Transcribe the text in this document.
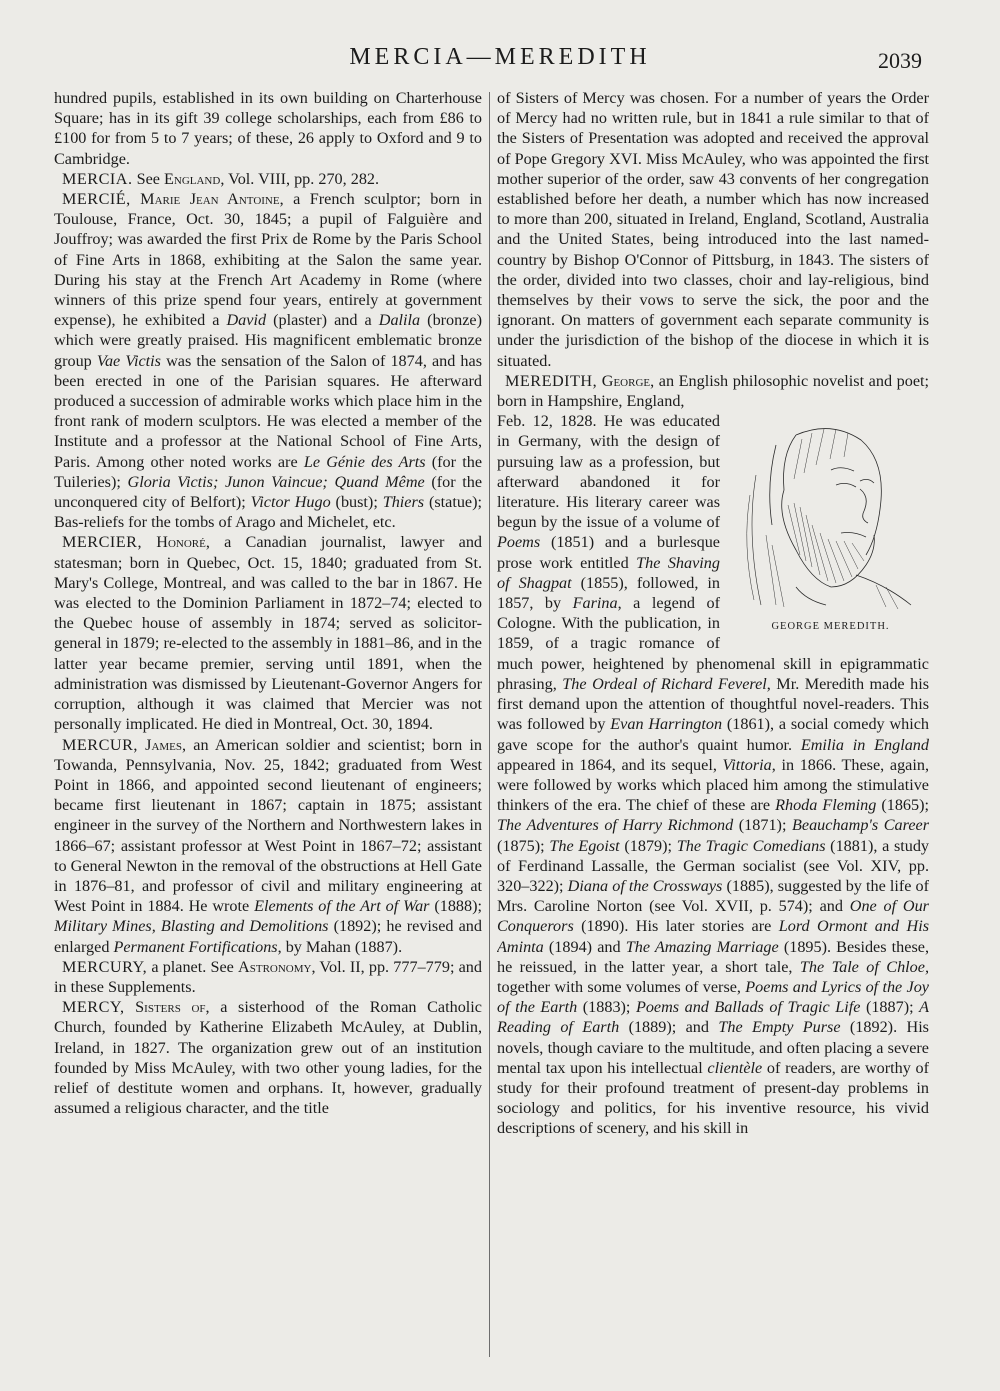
MERCIA—MEREDITH	2039

hundred pupils, established in its own building on Charterhouse Square; has in its gift 39 college scholarships, each from £86 to £100 for from 5 to 7 years; of these, 26 apply to Oxford and 9 to Cambridge.

MERCIA. See England, Vol. VIII, pp. 270, 282.

MERCIÉ, Marie Jean Antoine, a French sculptor; born in Toulouse, France, Oct. 30, 1845; a pupil of Falguière and Jouffroy; was awarded the first Prix de Rome by the Paris School of Fine Arts in 1868, exhibiting at the Salon the same year. During his stay at the French Art Academy in Rome (where winners of this prize spend four years, entirely at government expense), he exhibited a David (plaster) and a Dalila (bronze) which were greatly praised. His magnificent emblematic bronze group Vae Victis was the sensation of the Salon of 1874, and has been erected in one of the Parisian squares. He afterward produced a succession of admirable works which place him in the front rank of modern sculptors. He was elected a member of the Institute and a professor at the National School of Fine Arts, Paris. Among other noted works are Le Génie des Arts (for the Tuileries); Gloria Victis; Junon Vaincue; Quand Même (for the unconquered city of Belfort); Victor Hugo (bust); Thiers (statue); Bas-reliefs for the tombs of Arago and Michelet, etc.

MERCIER, Honoré, a Canadian journalist, lawyer and statesman; born in Quebec, Oct. 15, 1840; graduated from St. Mary's College, Montreal, and was called to the bar in 1867. He was elected to the Dominion Parliament in 1872–74; elected to the Quebec house of assembly in 1874; served as solicitor-general in 1879; re-elected to the assembly in 1881–86, and in the latter year became premier, serving until 1891, when the administration was dismissed by Lieutenant-Governor Angers for corruption, although it was claimed that Mercier was not personally implicated. He died in Montreal, Oct. 30, 1894.

MERCUR, James, an American soldier and scientist; born in Towanda, Pennsylvania, Nov. 25, 1842; graduated from West Point in 1866, and appointed second lieutenant of engineers; became first lieutenant in 1867; captain in 1875; assistant engineer in the survey of the Northern and Northwestern lakes in 1866–67; assistant professor at West Point in 1867–72; assistant to General Newton in the removal of the obstructions at Hell Gate in 1876–81, and professor of civil and military engineering at West Point in 1884. He wrote Elements of the Art of War (1888); Military Mines, Blasting and Demolitions (1892); he revised and enlarged Permanent Fortifications, by Mahan (1887).

MERCURY, a planet. See Astronomy, Vol. II, pp. 777–779; and in these Supplements.

MERCY, Sisters of, a sisterhood of the Roman Catholic Church, founded by Katherine Elizabeth McAuley, at Dublin, Ireland, in 1827. The organization grew out of an institution founded by Miss McAuley, with two other young ladies, for the relief of destitute women and orphans. It, however, gradually assumed a religious character, and the title

of Sisters of Mercy was chosen. For a number of years the Order of Mercy had no written rule, but in 1841 a rule similar to that of the Sisters of Presentation was adopted and received the approval of Pope Gregory XVI. Miss McAuley, who was appointed the first mother superior of the order, saw 43 convents of her congregation established before her death, a number which has now increased to more than 200, situated in Ireland, England, Scotland, Australia and the United States, being introduced into the last named-country by Bishop O'Connor of Pittsburg, in 1843. The sisters of the order, divided into two classes, choir and lay-religious, bind themselves by their vows to serve the sick, the poor and the ignorant. On matters of government each separate community is under the jurisdiction of the bishop of the diocese in which it is situated.

MEREDITH, George, an English philosophic novelist and poet; born in Hampshire, England,

GEORGE MEREDITH.

Feb. 12, 1828. He was educated in Germany, with the design of pursuing law as a profession, but afterward abandoned it for literature. His literary career was begun by the issue of a volume of Poems (1851) and a burlesque prose work entitled The Shaving of Shagpat (1855), followed, in 1857, by Farina, a legend of Cologne. With the publication, in 1859, of a tragic romance of much power, heightened by phenomenal skill in epigrammatic phrasing, The Ordeal of Richard Feverel, Mr. Meredith made his first demand upon the attention of thoughtful novel-readers. This was followed by Evan Harrington (1861), a social comedy which gave scope for the author's quaint humor. Emilia in England appeared in 1864, and its sequel, Vittoria, in 1866. These, again, were followed by works which placed him among the stimulative thinkers of the era. The chief of these are Rhoda Fleming (1865); The Adventures of Harry Richmond (1871); Beauchamp's Career (1875); The Egoist (1879); The Tragic Comedians (1881), a study of Ferdinand Lassalle, the German socialist (see Vol. XIV, pp. 320–322); Diana of the Crossways (1885), suggested by the life of Mrs. Caroline Norton (see Vol. XVII, p. 574); and One of Our Conquerors (1890). His later stories are Lord Ormont and His Aminta (1894) and The Amazing Marriage (1895). Besides these, he reissued, in the latter year, a short tale, The Tale of Chloe, together with some volumes of verse, Poems and Lyrics of the Joy of the Earth (1883); Poems and Ballads of Tragic Life (1887); A Reading of Earth (1889); and The Empty Purse (1892). His novels, though caviare to the multitude, and often placing a severe mental tax upon his intellectual clientèle of readers, are worthy of study for their profound treatment of present-day problems in sociology and politics, for his inventive resource, his vivid descriptions of scenery, and his skill in
